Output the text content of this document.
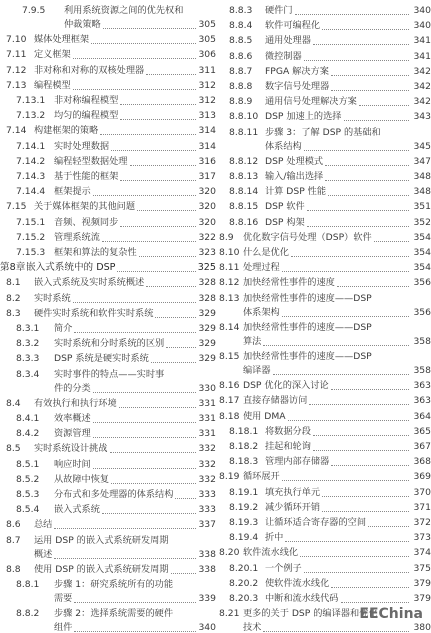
7.9.5 利用系统资源之间的优先权和
仲裁策略	305
7.10 媒体处理框架	305
7.11 定义框架	306
7.12 非对称和对称的双核处理器	311
7.13 编程模型	312
7.13.1 非对称编程模型	312
7.13.2 均匀的编程模型	313
7.14 构建框架的策略	314
7.14.1 实时处理数据	314
7.14.2 编程轻型数据处理	316
7.14.3 基于性能的框架	317
7.14.4 框架提示	320
7.15 关于媒体框架的其他问题	320
7.15.1 音频、视频同步	320
7.15.2 管理系统流	322
7.15.3 框架和算法的复杂性	323
第8章 嵌入式系统中的 DSP	325
8.1 嵌入式系统及实时系统概述	328
8.2 实时系统	328
8.3 硬件实时系统和软件实时系统	329
8.3.1 简介	329
8.3.2 实时系统和分时系统的区别	329
8.3.3 DSP 系统是硬实时系统	329
8.3.4 实时事件的特点——实时事
件的分类	330
8.4 有效执行和执行环境	331
8.4.1 效率概述	331
8.4.2 资源管理	331
8.5 实时系统设计挑战	332
8.5.1 响应时间	332
8.5.2 从故障中恢复	332
8.5.3 分布式和多处理器的体系结构	333
8.5.4 嵌入式系统	333
8.6 总结	337
8.7 运用 DSP 的嵌入式系统研发周期
概述	338
8.8 使用 DSP 的嵌入式系统研发周期	338
8.8.1 步骤 1：研究系统所有的功能
需要	339
8.8.2 步骤 2：选择系统需要的硬件
组件	340
8.8.3 硬件门	340
8.8.4 软件可编程化	340
8.8.5 通用处理器	341
8.8.6 微控制器	341
8.8.7 FPGA 解决方案	342
8.8.8 数字信号处理器	342
8.8.9 通用信号处理解决方案	342
8.8.10 DSP 加速上的选择	343
8.8.11 步骤 3：了解 DSP 的基础和
体系结构	345
8.8.12 DSP 处理模式	347
8.8.13 输入/输出选择	348
8.8.14 计算 DSP 性能	348
8.8.15 DSP 软件	351
8.8.16 DSP 构架	352
8.9 优化数字信号处理（DSP）软件	354
8.10 什么是优化	354
8.11 处理过程	354
8.12 加快经常性事件的速度	356
8.13 加快经常性事件的速度——DSP
体系架构	356
8.14 加快经常性事件的速度——DSP
算法	358
8.15 加快经常性事件的速度——DSP
编译器	358
8.16 DSP 优化的深入讨论	363
8.17 直接存储器访问	363
8.18 使用 DMA	364
8.18.1 将数据分段	365
8.18.2 挂起和轮询	367
8.18.3 管理内部存储器	368
8.19 循环展开	369
8.19.1 填充执行单元	370
8.19.2 减少循环开销	371
8.19.3 让循环适合寄存器的空间	372
8.19.4 折中	373
8.20 软件流水线化	374
8.20.1 一个例子	375
8.20.2 使软件流水线化	379
8.20.3 中断和流水线代码	379
8.21 更多的关于 DSP 的编译器和优化
技术	380
EEChina
